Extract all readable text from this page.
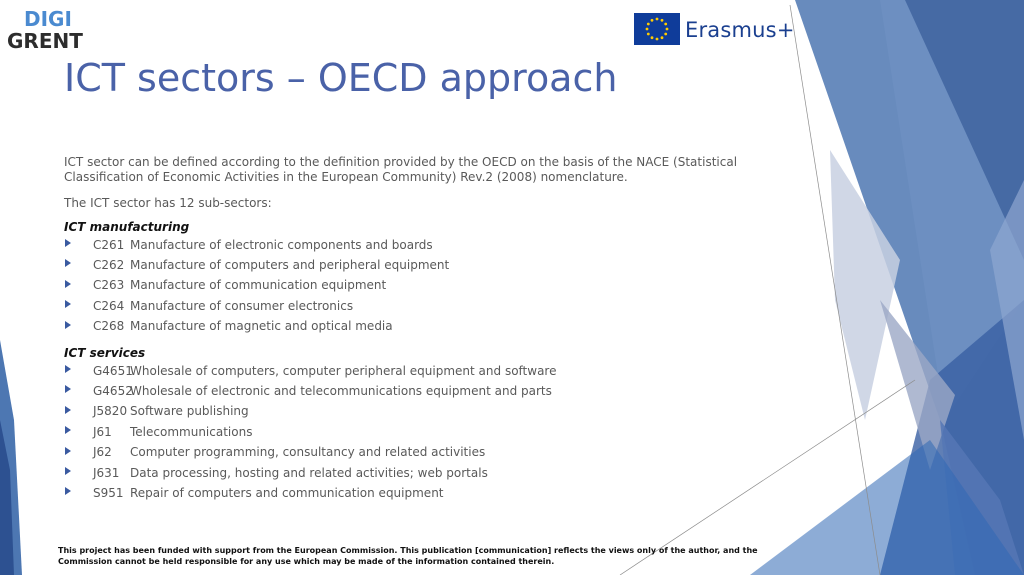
DIGI
GRENT	Erasmus+
ICT sectors – OECD approach

ICT sector can be defined according to the definition provided by the OECD on the basis of the NACE (Statistical Classification of Economic Activities in the European Community) Rev.2 (2008) nomenclature.

The ICT sector has 12 sub-sectors:

ICT manufacturing

C261 Manufacture of electronic components and boards
C262 Manufacture of computers and peripheral equipment
C263 Manufacture of communication equipment
C264 Manufacture of consumer electronics
C268 Manufacture of magnetic and optical media

ICT services

G4651
Wholesale of computers, computer peripheral equipment and software
G4652
Wholesale of electronic and telecommunications equipment and parts
J5820 Software publishing
J61 Telecommunications
J62 Computer programming, consultancy and related activities
J631 Data processing, hosting and related activities; web portals
S951 Repair of computers and communication equipment
This project has been funded with support from the European Commission. This publication [communication] reflects the views only of the author, and the Commission cannot be held responsible for any use which may be made of the information contained therein.
